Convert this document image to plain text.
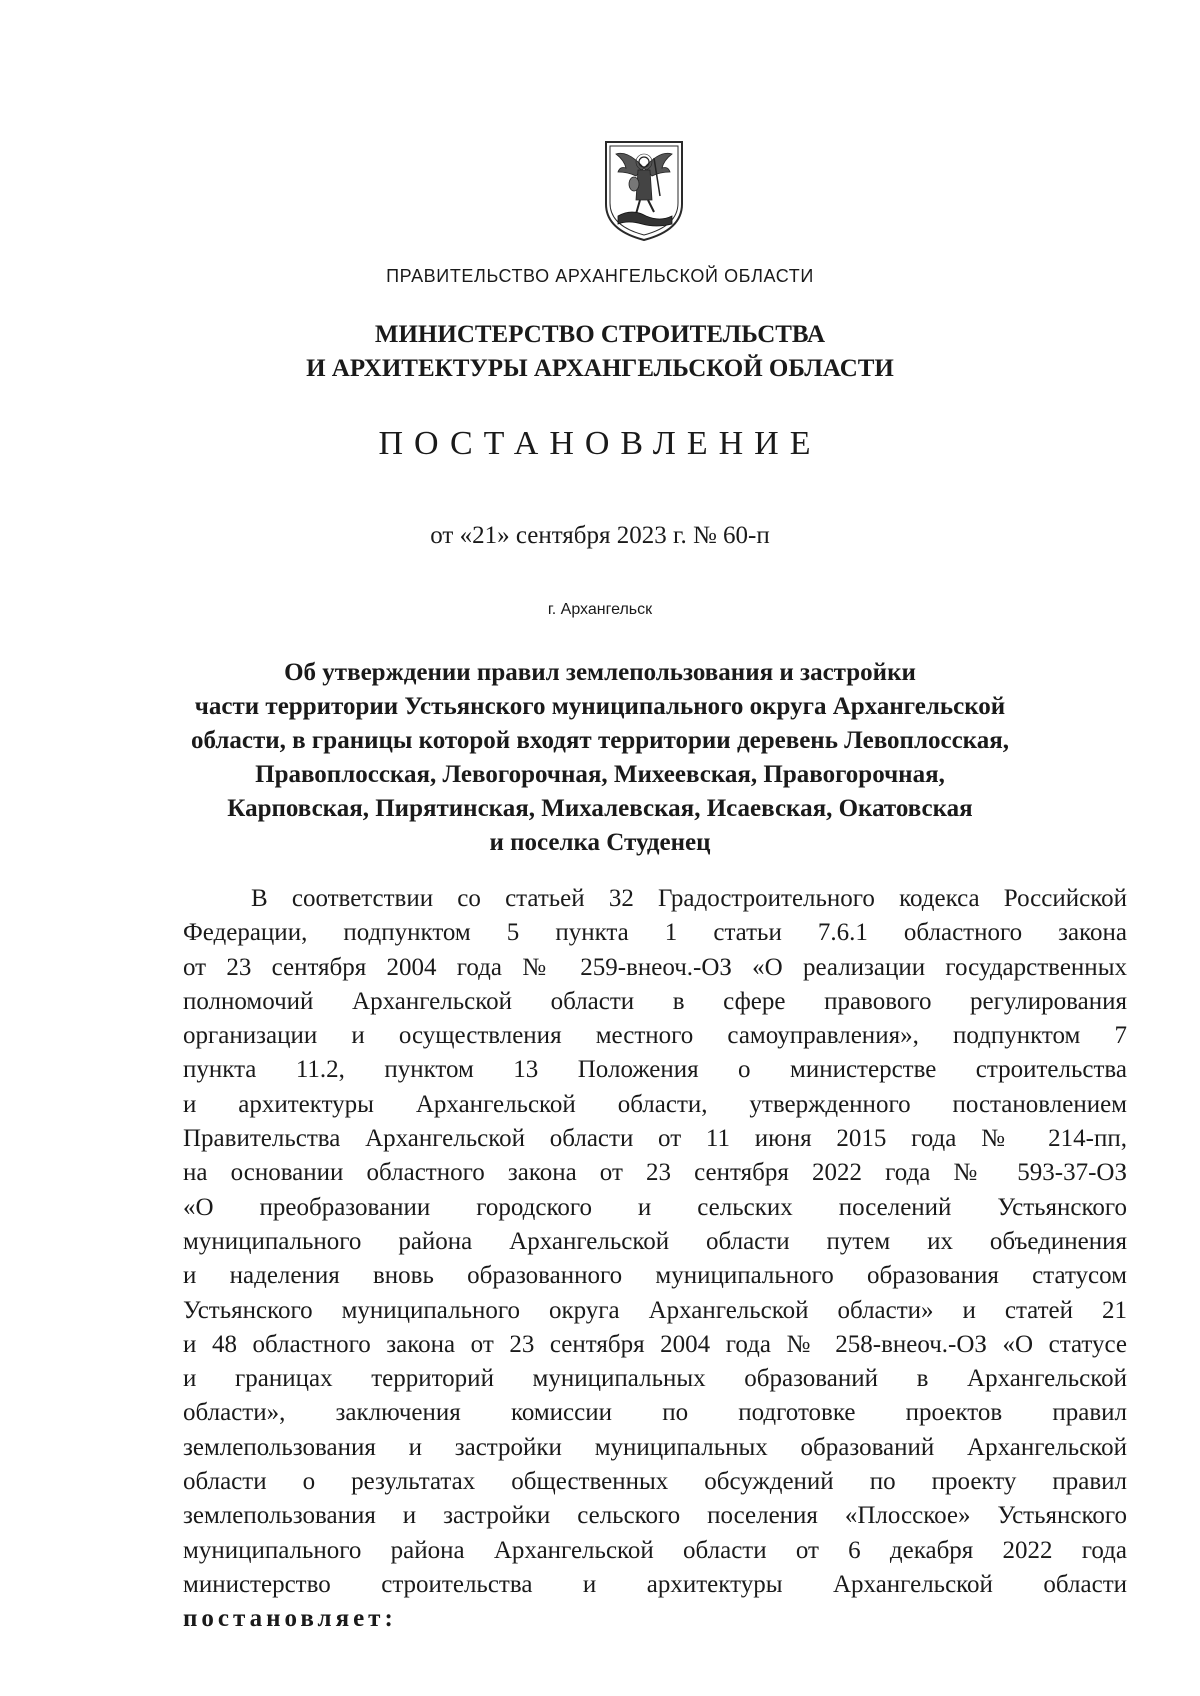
ПРАВИТЕЛЬСТВО АРХАНГЕЛЬСКОЙ ОБЛАСТИ
МИНИСТЕРСТВО СТРОИТЕЛЬСТВА
И АРХИТЕКТУРЫ АРХАНГЕЛЬСКОЙ ОБЛАСТИ
ПОСТАНОВЛЕНИЕ
от «21» сентября 2023 г. № 60-п
г. Архангельск
Об утверждении правил землепользования и застройки
части территории Устьянского муниципального округа Архангельской
области, в границы которой входят территории деревень Левоплосская,
Правоплосская, Левогорочная, Михеевская, Правогорочная,
Карповская, Пирятинская, Михалевская, Исаевская, Окатовская
и поселка Студенец
В соответствии со статьей 32 Градостроительного кодекса Российской
Федерации, подпунктом 5 пункта 1 статьи 7.6.1 областного закона
от 23 сентября 2004 года № 259-внеоч.-ОЗ «О реализации государственных
полномочий Архангельской области в сфере правового регулирования
организации и осуществления местного самоуправления», подпунктом 7
пункта 11.2, пунктом 13 Положения о министерстве строительства
и архитектуры Архангельской области, утвержденного постановлением
Правительства Архангельской области от 11 июня 2015 года № 214-пп,
на основании областного закона от 23 сентября 2022 года № 593-37-ОЗ
«О преобразовании городского и сельских поселений Устьянского
муниципального района Архангельской области путем их объединения
и наделения вновь образованного муниципального образования статусом
Устьянского муниципального округа Архангельской области» и статей 21
и 48 областного закона от 23 сентября 2004 года № 258-внеоч.-ОЗ «О статусе
и границах территорий муниципальных образований в Архангельской
области», заключения комиссии по подготовке проектов правил
землепользования и застройки муниципальных образований Архангельской
области о результатах общественных обсуждений по проекту правил
землепользования и застройки сельского поселения «Плосское» Устьянского
муниципального района Архангельской области от 6 декабря 2022 года
министерство строительства и архитектуры Архангельской области
постановляет:
